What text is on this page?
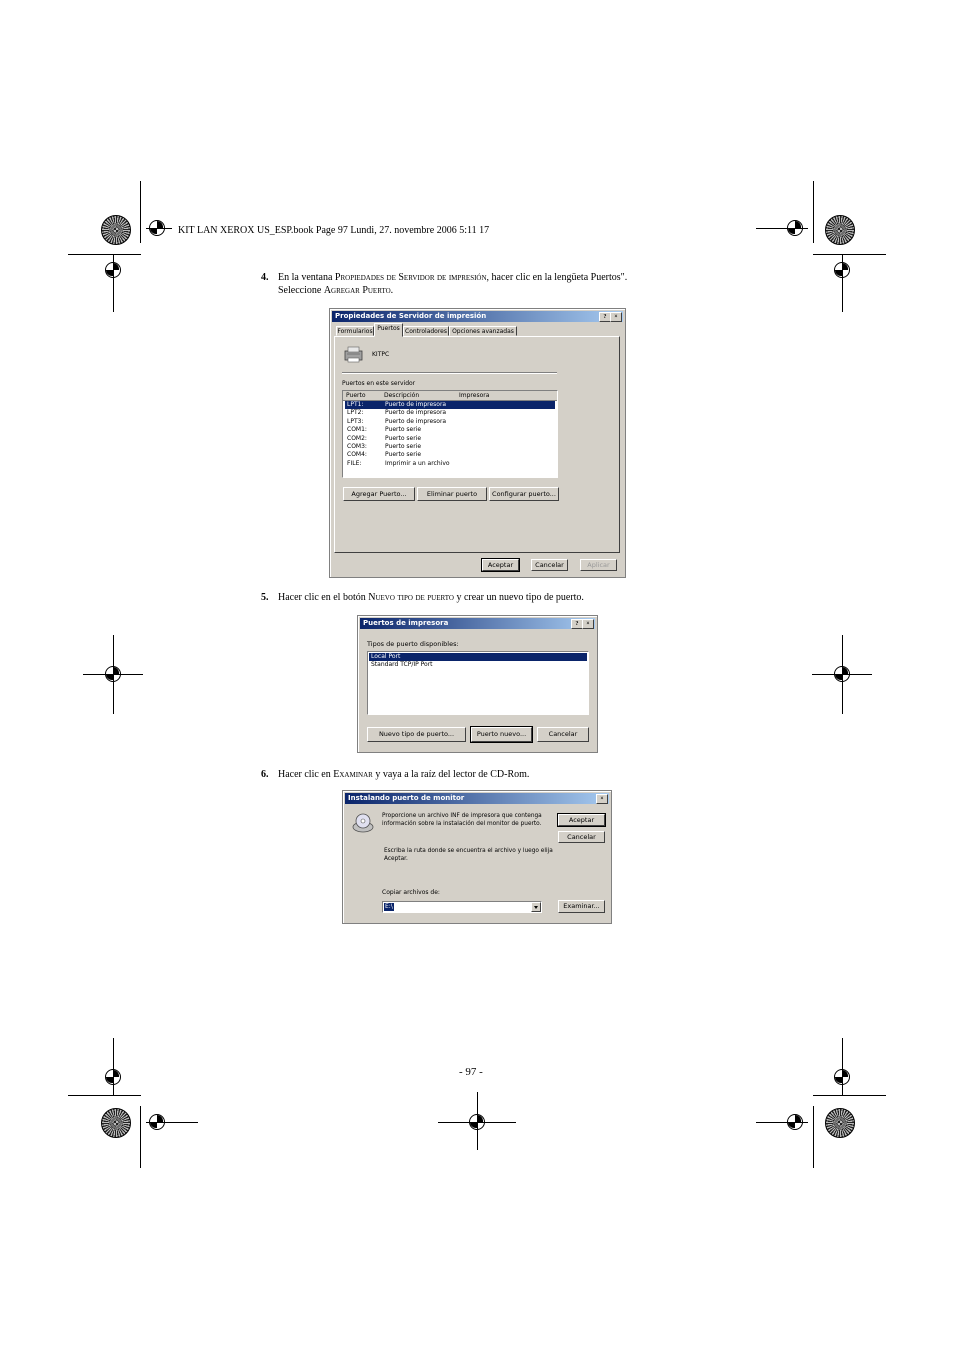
KIT LAN XEROX US_ESP.book Page 97 Lundi, 27. novembre 2006 5:11 17
4. En la ventana Propiedades de Servidor de impresión, hacer clic en la lengüeta Puertos".
Seleccione Agregar Puerto.
Propiedades de Servidor de impresión	?	×
Formularios Puertos Controladores Opciones avanzadas
KITPC
Puertos en este servidor
Puerto	Descripción	Impresora
LPT1:	Puerto de impresora
LPT2:	Puerto de impresora
LPT3:	Puerto de impresora
COM1:	Puerto serie
COM2:	Puerto serie
COM3:	Puerto serie
COM4:	Puerto serie
FILE:	Imprimir a un archivo
Agregar Puerto...	Eliminar puerto	Configurar puerto...
Aceptar	Cancelar	Aplicar
5. Hacer clic en el botón Nuevo tipo de puerto y crear un nuevo tipo de puerto.
Puertos de impresora	?	×
Tipos de puerto disponibles:
Local Port
Standard TCP/IP Port
Nuevo tipo de puerto...	Puerto nuevo...	Cancelar
6. Hacer clic en Examinar y vaya a la raíz del lector de CD-Rom.
Instalando puerto de monitor	×
Proporcione un archivo INF de impresora que contenga información sobre la instalación del monitor de puerto.
Escriba la ruta donde se encuentra el archivo y luego elija Aceptar.
Copiar archivos de:
E:\
Aceptar
Cancelar
Examinar...
- 97 -
